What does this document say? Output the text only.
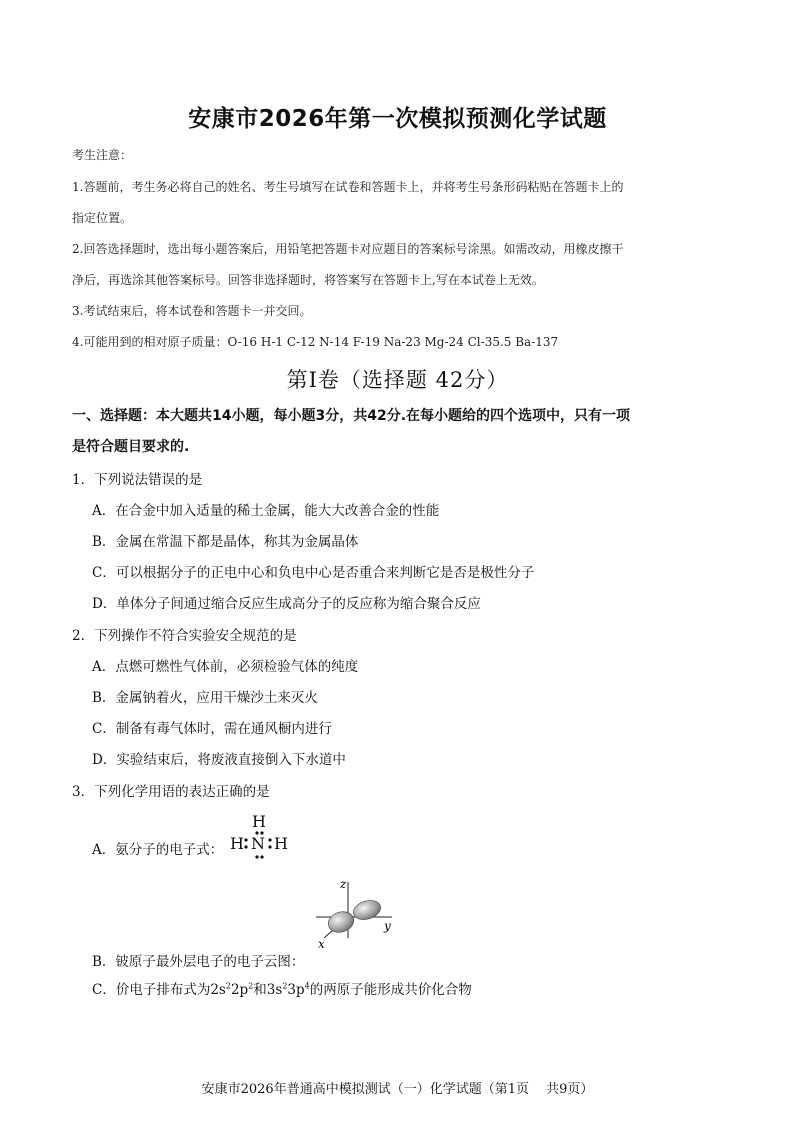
安康市2026年第一次模拟预测化学试题
考生注意：
1.答题前，考生务必将自己的姓名、考生号填写在试卷和答题卡上，并将考生号条形码粘贴在答题卡上的
指定位置。
2.回答选择题时，选出每小题答案后，用铅笔把答题卡对应题目的答案标号涂黑。如需改动，用橡皮擦干
净后，再选涂其他答案标号。回答非选择题时，将答案写在答题卡上,写在本试卷上无效。
3.考试结束后，将本试卷和答题卡一并交回。
4.可能用到的相对原子质量：O-16 H-1 C-12 N-14 F-19 Na-23 Mg-24 Cl-35.5 Ba-137
第Ⅰ卷（选择题 42分）
一、选择题：本大题共14小题，每小题3分，共42分.在每小题给的四个选项中，只有一项
是符合题目要求的.
1．下列说法错误的是
A．在合金中加入适量的稀土金属，能大大改善合金的性能
B．金属在常温下都是晶体，称其为金属晶体
C．可以根据分子的正电中心和负电中心是否重合来判断它是否是极性分子
D．单体分子间通过缩合反应生成高分子的反应称为缩合聚合反应
2．下列操作不符合实验安全规范的是
A．点燃可燃性气体前，必须检验气体的纯度
B．金属钠着火，应用干燥沙土来灭火
C．制备有毒气体时，需在通风橱内进行
D．实验结束后，将废液直接倒入下水道中
3．下列化学用语的表达正确的是
A．氨分子的电子式：
H
H N H
z
x
y
B．铍原子最外层电子的电子云图：
C．价电子排布式为$2s^22p^2$和$3s^23p^4$的两原子能形成共价化合物
安康市2026年普通高中模拟测试（一）化学试题（第1页　 共9页）
